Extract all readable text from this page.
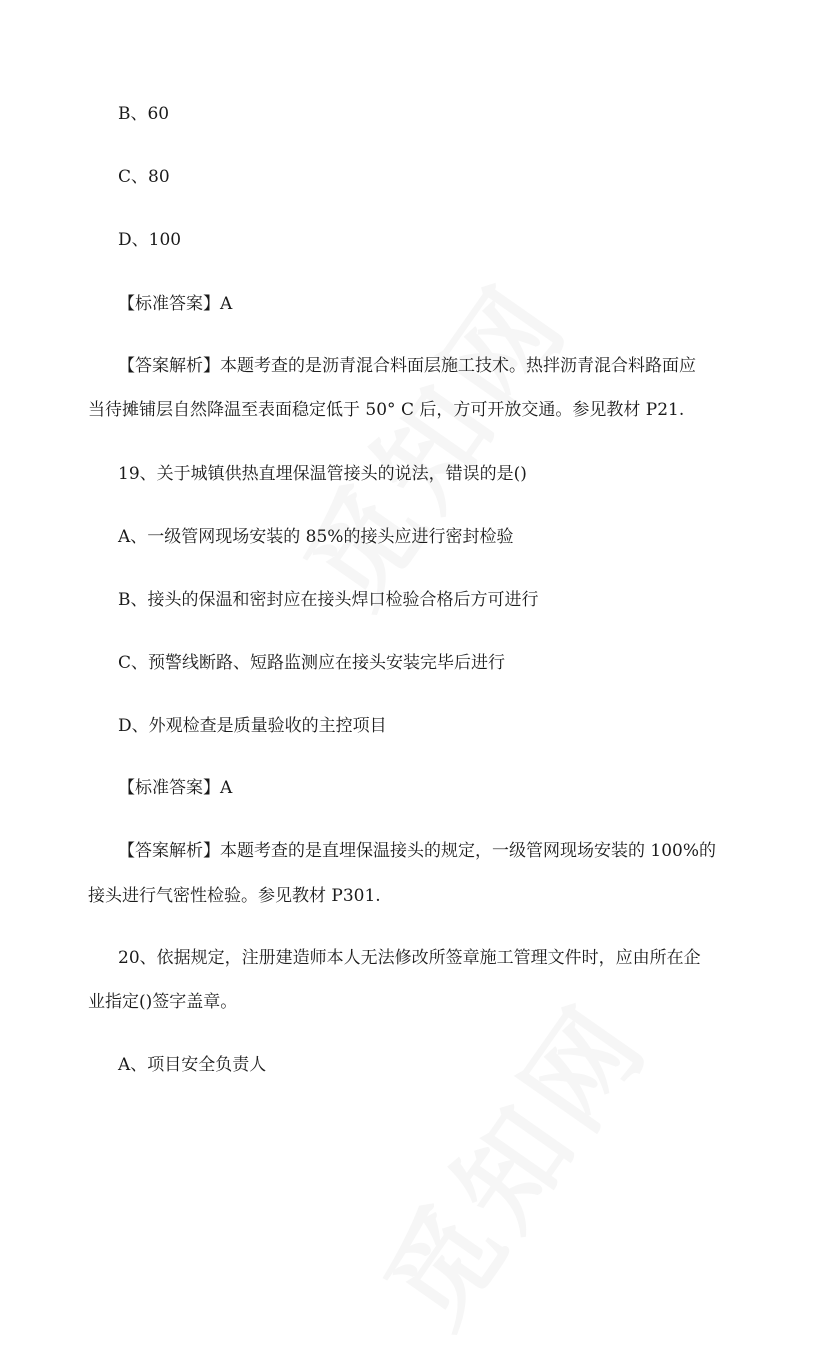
B、60
C、80
D、100
【标准答案】A
【答案解析】本题考查的是沥青混合料面层施工技术。热拌沥青混合料路面应
当待摊铺层自然降温至表面稳定低于 50° C 后，方可开放交通。参见教材 P21.
19、关于城镇供热直埋保温管接头的说法，错误的是()
A、一级管网现场安装的 85%的接头应进行密封检验
B、接头的保温和密封应在接头焊口检验合格后方可进行
C、预警线断路、短路监测应在接头安装完毕后进行
D、外观检查是质量验收的主控项目
【标准答案】A
【答案解析】本题考查的是直埋保温接头的规定，一级管网现场安装的 100%的
接头进行气密性检验。参见教材 P301.
20、依据规定，注册建造师本人无法修改所签章施工管理文件时，应由所在企
业指定()签字盖章。
A、项目安全负责人
